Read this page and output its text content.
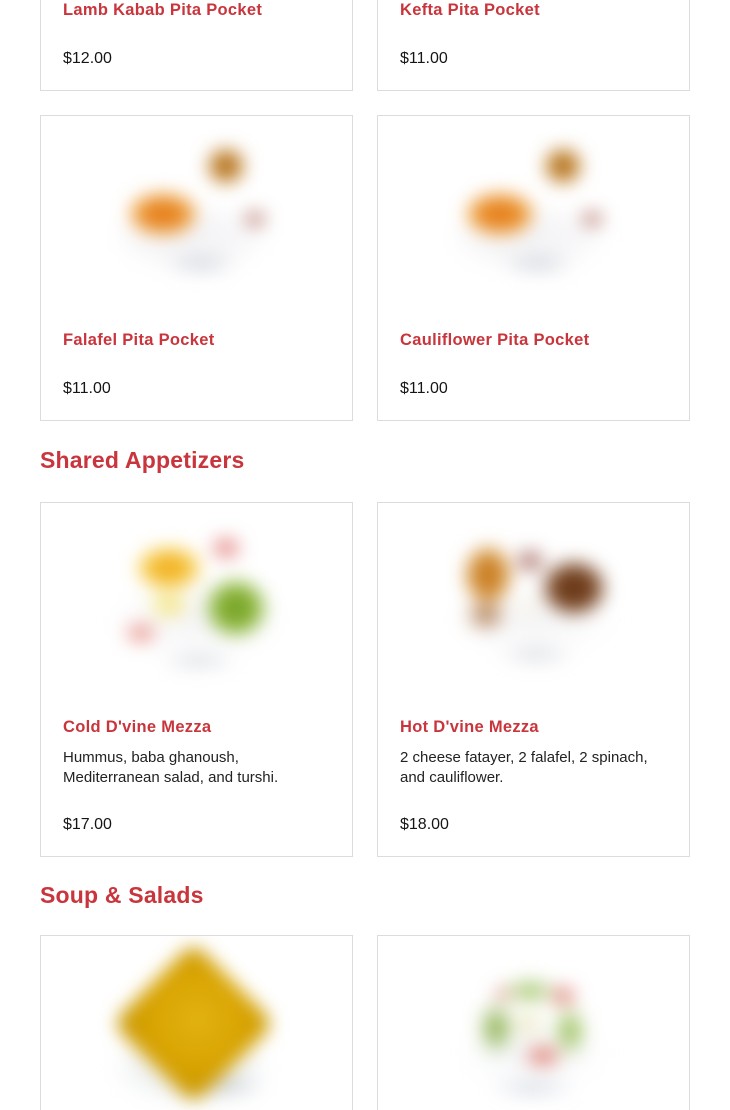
Lamb Kabab Pita Pocket
$12.00
Kefta Pita Pocket
$11.00
Falafel Pita Pocket
$11.00
Cauliflower Pita Pocket
$11.00
Shared Appetizers
Cold D'vine Mezza
Hummus, baba ghanoush, Mediterranean salad, and turshi.
$17.00
Hot D'vine Mezza
2 cheese fatayer, 2 falafel, 2 spinach, and cauliflower.
$18.00
Soup & Salads
